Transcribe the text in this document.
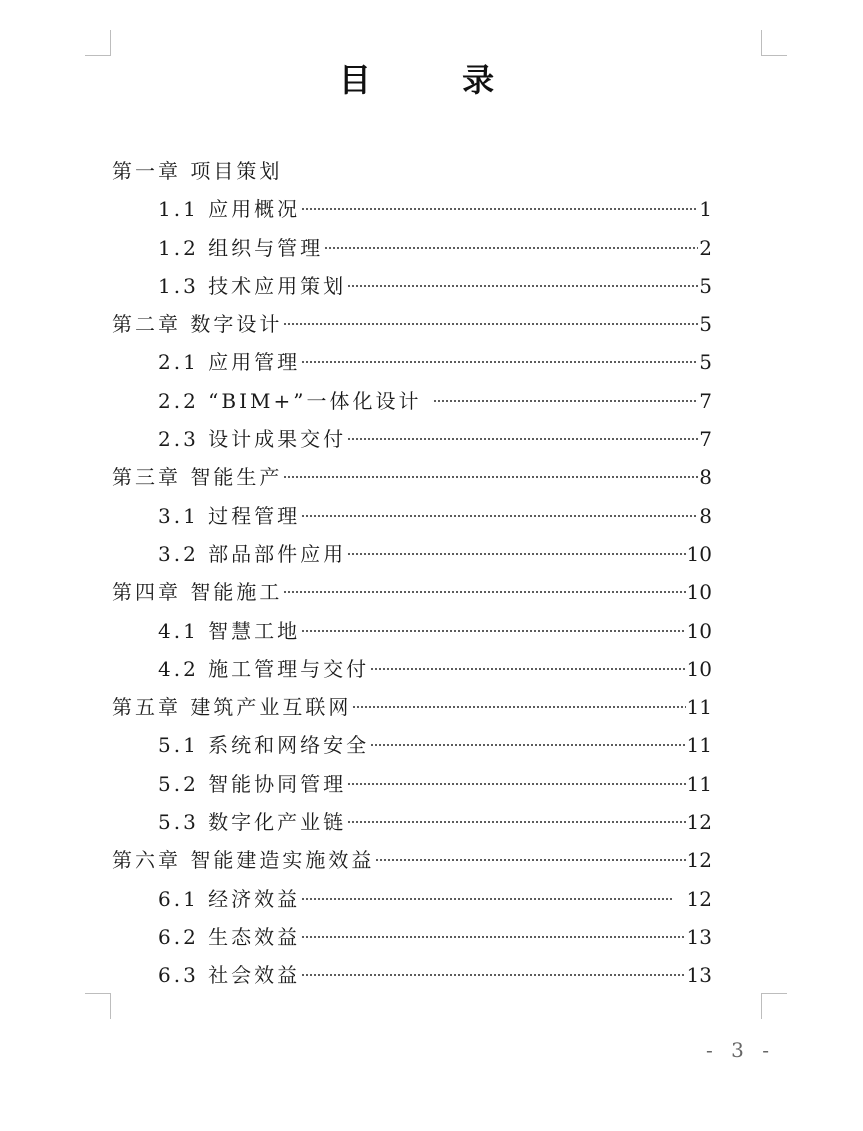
目 录
第一章 项目策划
1.1 应用概况	1
1.2 组织与管理	2
1.3 技术应用策划	5
第二章 数字设计	5
2.1 应用管理	5
2.2 “BIM+”一体化设计	7
2.3 设计成果交付	7
第三章 智能生产	8
3.1 过程管理	8
3.2 部品部件应用	10
第四章 智能施工	10
4.1 智慧工地	10
4.2 施工管理与交付	10
第五章 建筑产业互联网	11
5.1 系统和网络安全	11
5.2 智能协同管理	11
5.3 数字化产业链	12
第六章 智能建造实施效益	12
6.1 经济效益	12
6.2 生态效益	13
6.3 社会效益	13
- 3 -
